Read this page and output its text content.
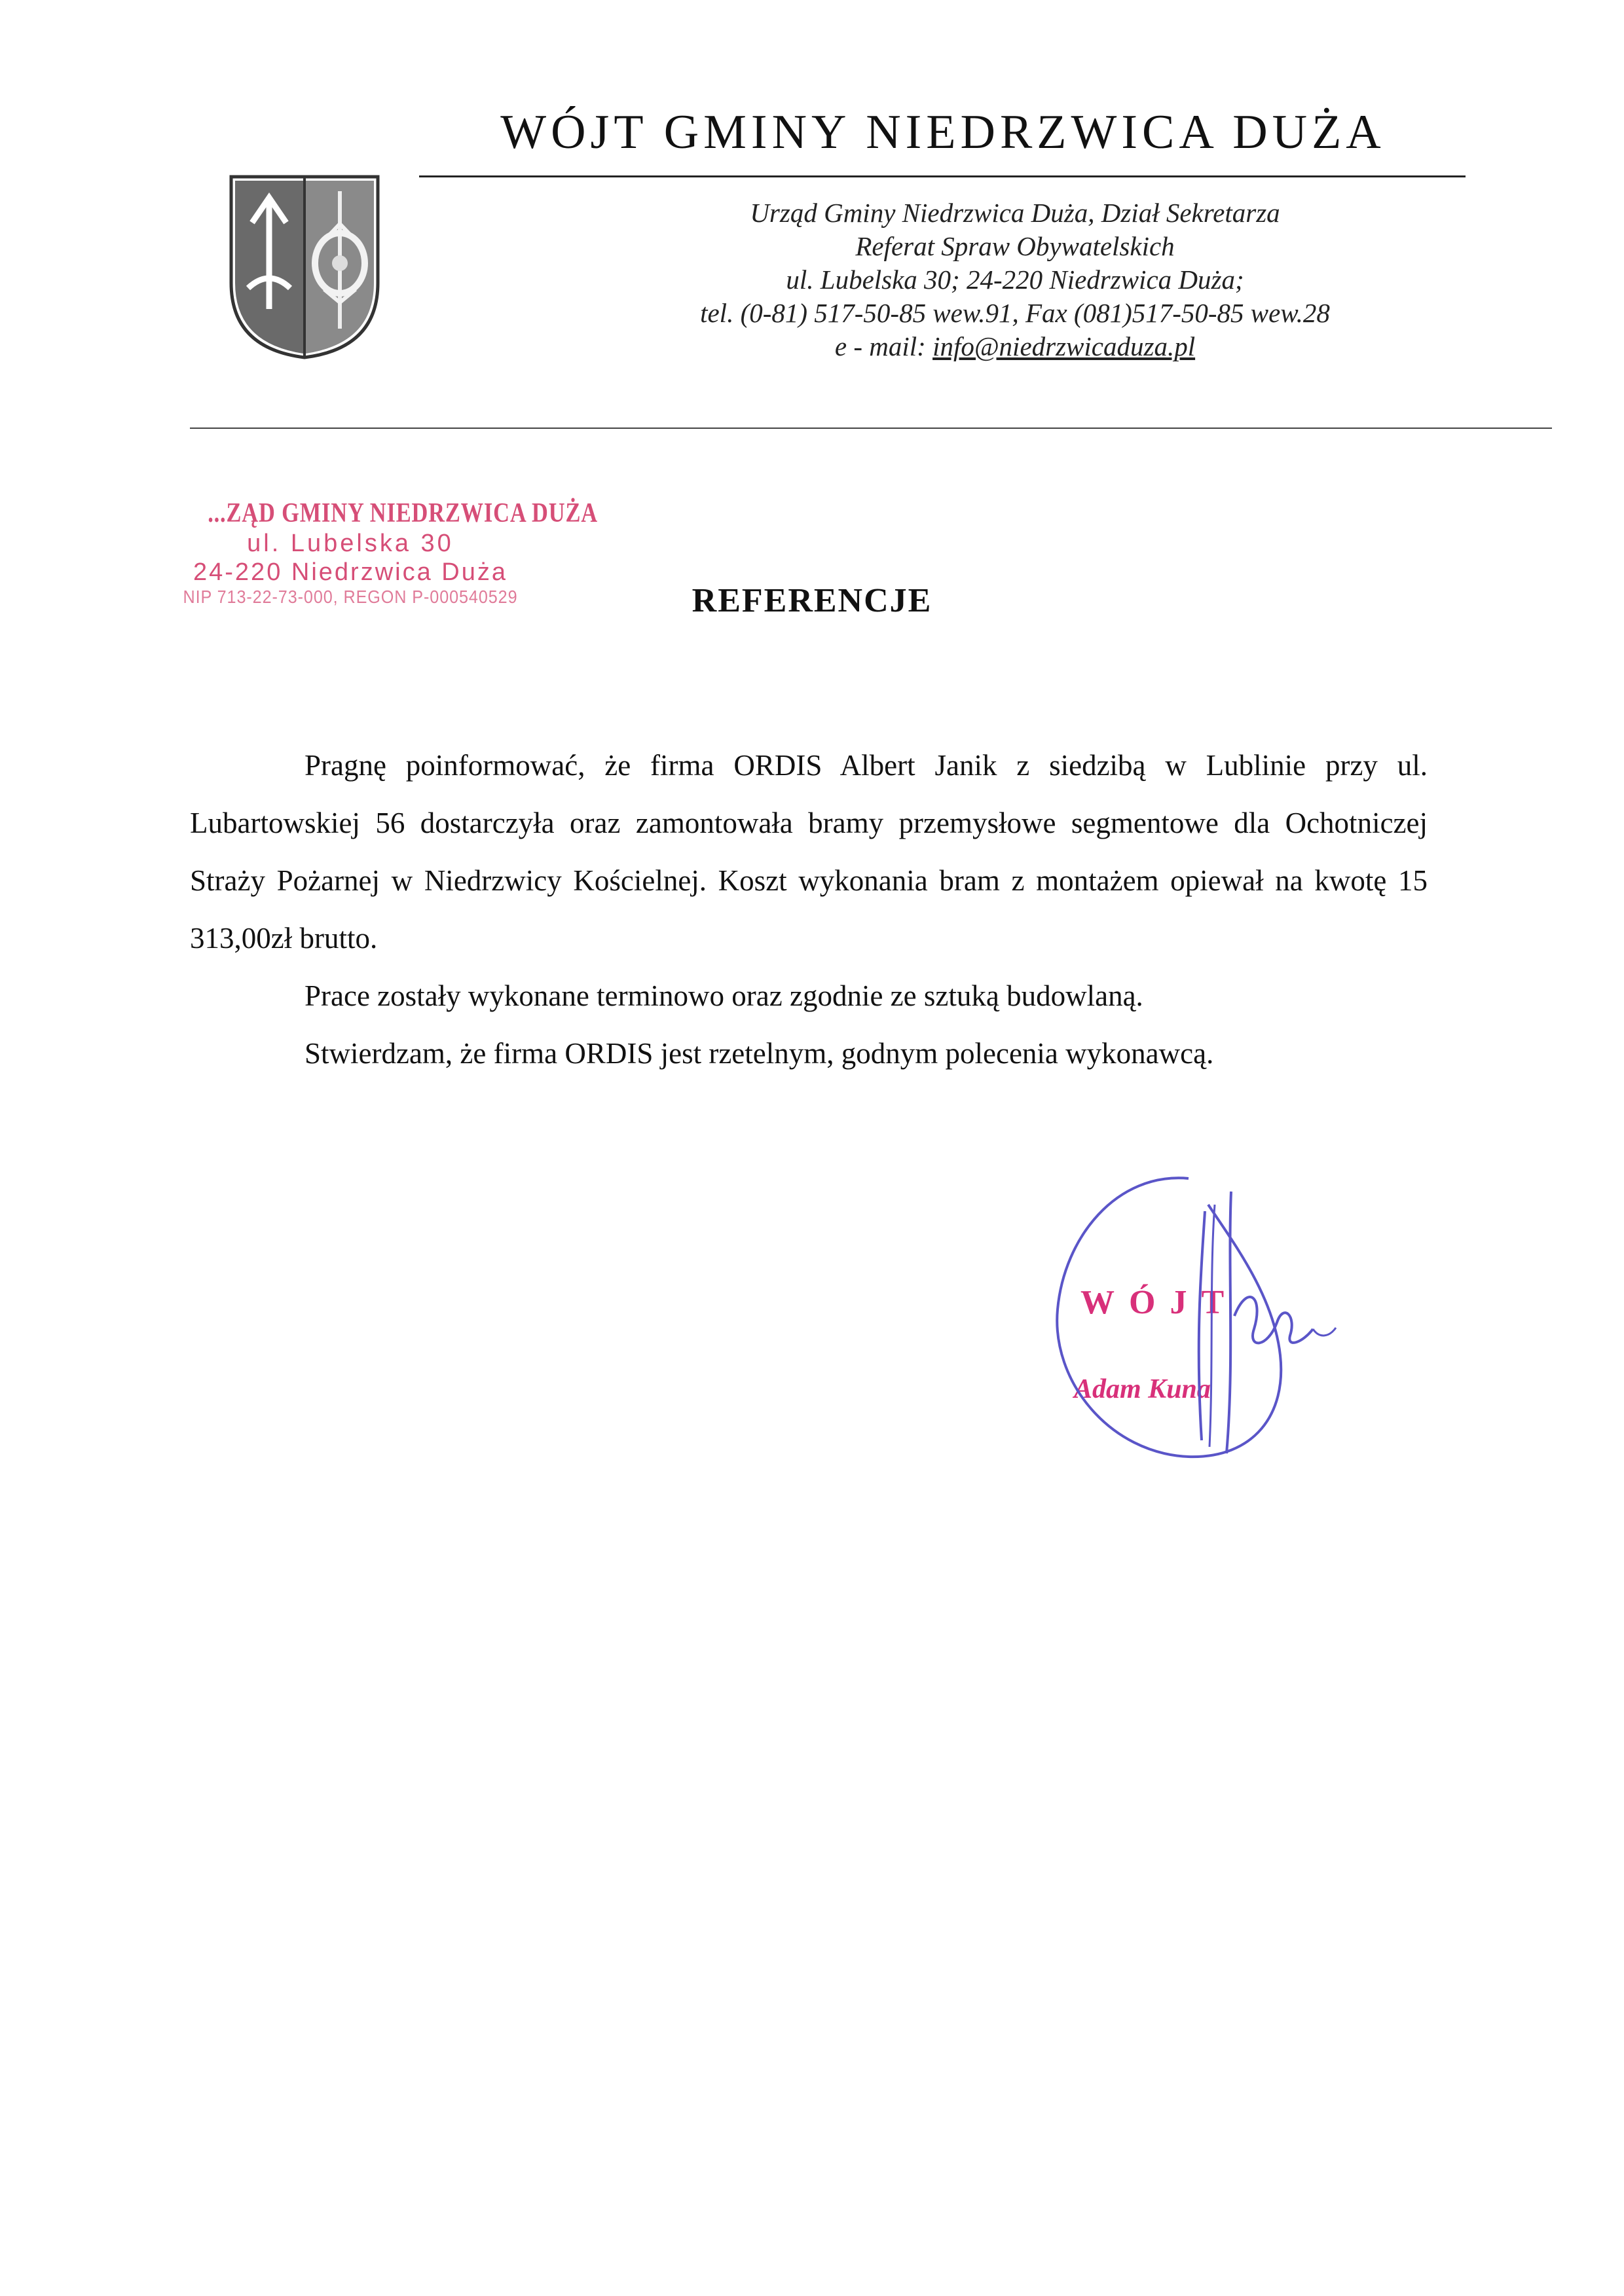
WÓJT GMINY NIEDRZWICA DUŻA
Urząd Gminy Niedrzwica Duża, Dział Sekretarza
Referat Spraw Obywatelskich
ul. Lubelska 30; 24-220 Niedrzwica Duża;
tel. (0-81) 517-50-85 wew.91, Fax (081)517-50-85 wew.28
e - mail: info@niedrzwicaduza.pl
...ZĄD GMINY NIEDRZWICA DUŻA
ul. Lubelska 30
24-220 Niedrzwica Duża
NIP 713-22-73-000, REGON P-000540529	REFERENCJE

Pragnę poinformować, że firma ORDIS Albert Janik z siedzibą w Lublinie przy ul. Lubartowskiej 56 dostarczyła oraz zamontowała bramy przemysłowe segmentowe dla Ochotniczej Straży Pożarnej w Niedrzwicy Kościelnej. Koszt wykonania bram z montażem opiewał na kwotę 15 313,00zł brutto.

Prace zostały wykonane terminowo oraz zgodnie ze sztuką budowlaną.

Stwierdzam, że firma ORDIS jest rzetelnym, godnym polecenia wykonawcą.

WÓJT
Adam Kuna
